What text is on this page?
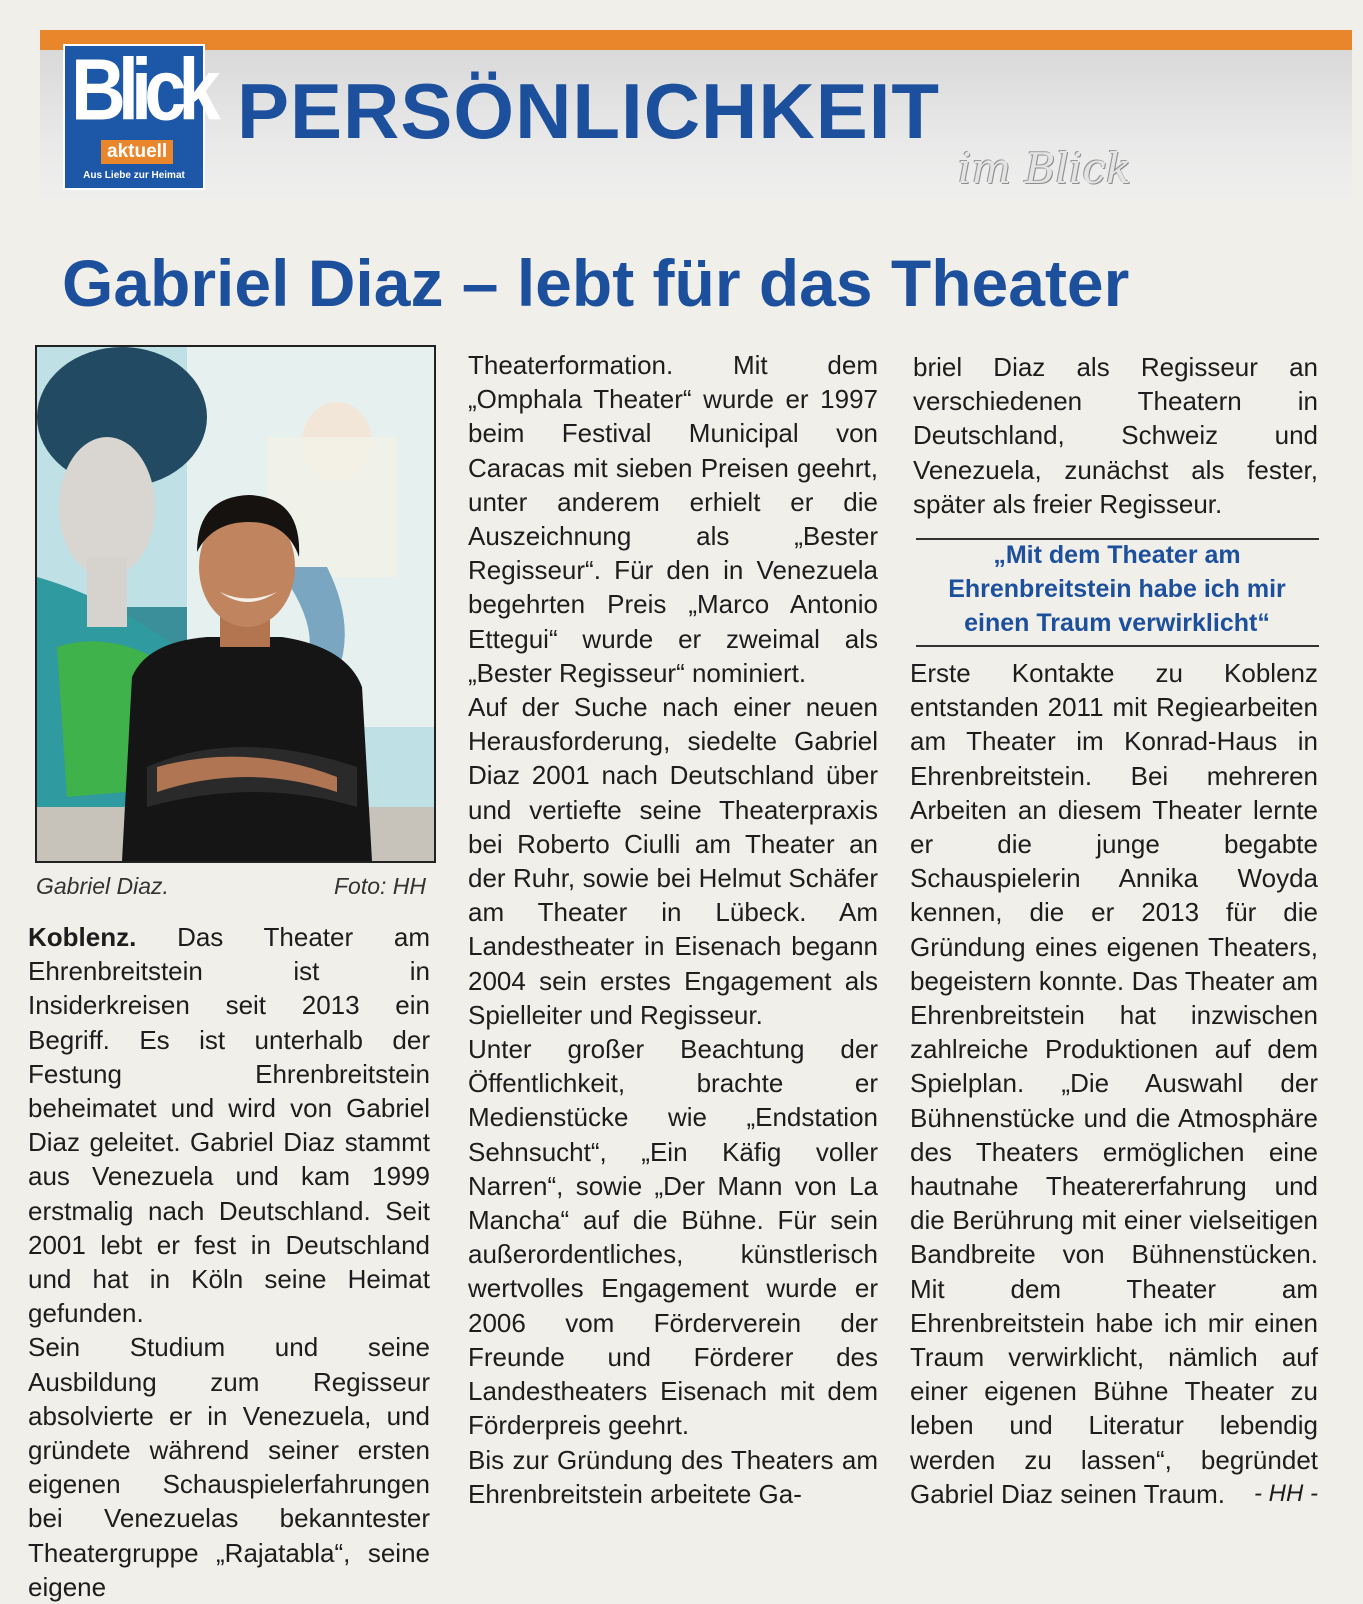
Blick
aktuell
Aus Liebe zur Heimat
PERSÖNLICHKEIT
im Blick
Gabriel Diaz – lebt für das Theater
Gabriel Diaz.	Foto: HH

Koblenz. Das Theater am Ehrenbreitstein ist in Insiderkreisen seit 2013 ein Begriff. Es ist unterhalb der Festung Ehrenbreitstein beheimatet und wird von Gabriel Diaz geleitet. Gabriel Diaz stammt aus Venezuela und kam 1999 erstmalig nach Deutschland. Seit 2001 lebt er fest in Deutschland und hat in Köln seine Heimat gefunden.

Sein Studium und seine Ausbildung zum Regisseur absolvierte er in Venezuela, und gründete während seiner ersten eigenen Schauspielerfahrungen bei Venezuelas bekanntester Theatergruppe „Rajatabla“, seine eigene

Theaterformation. Mit dem „Omphala Theater“ wurde er 1997 beim Festival Municipal von Caracas mit sieben Preisen geehrt, unter anderem erhielt er die Auszeichnung als „Bester Regisseur“. Für den in Venezuela begehrten Preis „Marco Antonio Ettegui“ wurde er zweimal als „Bester Regisseur“ nominiert.

Auf der Suche nach einer neuen Herausforderung, siedelte Gabriel Diaz 2001 nach Deutschland über und vertiefte seine Theaterpraxis bei Roberto Ciulli am Theater an der Ruhr, sowie bei Helmut Schäfer am Theater in Lübeck. Am Landestheater in Eisenach begann 2004 sein erstes Engagement als Spielleiter und Regisseur.

Unter großer Beachtung der Öffentlichkeit, brachte er Medienstücke wie „Endstation Sehnsucht“, „Ein Käfig voller Narren“, sowie „Der Mann von La Mancha“ auf die Bühne. Für sein außerordentliches, künstlerisch wertvolles Engagement wurde er 2006 vom Förderverein der Freunde und Förderer des Landestheaters Eisenach mit dem Förderpreis geehrt.

Bis zur Gründung des Theaters am Ehrenbreitstein arbeitete Ga-

briel Diaz als Regisseur an verschiedenen Theatern in Deutschland, Schweiz und Venezuela, zunächst als fester, später als freier Regisseur.

„Mit dem Theater am Ehrenbreitstein habe ich mir einen Traum verwirklicht“

Erste Kontakte zu Koblenz entstanden 2011 mit Regiearbeiten am Theater im Konrad-Haus in Ehrenbreitstein. Bei mehreren Arbeiten an diesem Theater lernte er die junge begabte Schauspielerin Annika Woyda kennen, die er 2013 für die Gründung eines eigenen Theaters, begeistern konnte. Das Theater am Ehrenbreitstein hat inzwischen zahlreiche Produktionen auf dem Spielplan. „Die Auswahl der Bühnenstücke und die Atmosphäre des Theaters ermöglichen eine hautnahe Theatererfahrung und die Berührung mit einer vielseitigen Bandbreite von Bühnenstücken. Mit dem Theater am Ehrenbreitstein habe ich mir einen Traum verwirklicht, nämlich auf einer eigenen Bühne Theater zu leben und Literatur lebendig werden zu lassen“, begründet Gabriel Diaz seinen Traum. - HH -
